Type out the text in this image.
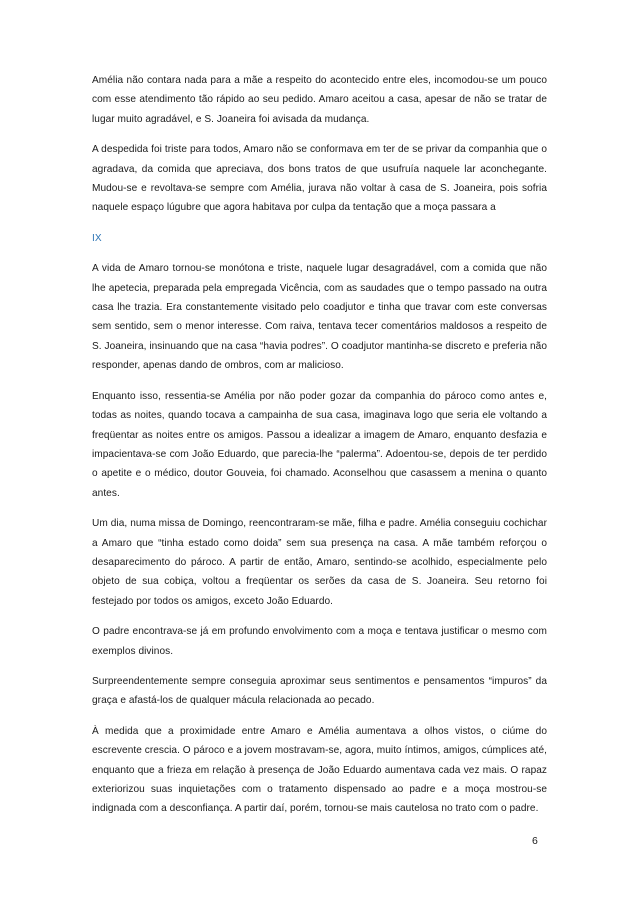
Amélia não contara nada para a mãe a respeito do acontecido entre eles, incomodou-se um pouco com esse atendimento tão rápido ao seu pedido. Amaro aceitou a casa, apesar de não se tratar de lugar muito agradável, e S. Joaneira foi avisada da mudança.

A despedida foi triste para todos, Amaro não se conformava em ter de se privar da companhia que o agradava, da comida que apreciava, dos bons tratos de que usufruía naquele lar aconchegante. Mudou-se e revoltava-se sempre com Amélia, jurava não voltar à casa de S. Joaneira, pois sofria naquele espaço lúgubre que agora habitava por culpa da tentação que a moça passara a

IX

A vida de Amaro tornou-se monótona e triste, naquele lugar desagradável, com a comida que não lhe apetecia, preparada pela empregada Vicência, com as saudades que o tempo passado na outra casa lhe trazia. Era constantemente visitado pelo coadjutor e tinha que travar com este conversas sem sentido, sem o menor interesse. Com raiva, tentava tecer comentários maldosos a respeito de S. Joaneira, insinuando que na casa “havia podres”. O coadjutor mantinha-se discreto e preferia não responder, apenas dando de ombros, com ar malicioso.

Enquanto isso, ressentia-se Amélia por não poder gozar da companhia do pároco como antes e, todas as noites, quando tocava a campainha de sua casa, imaginava logo que seria ele voltando a freqüentar as noites entre os amigos. Passou a idealizar a imagem de Amaro, enquanto desfazia e impacientava-se com João Eduardo, que parecia-lhe “palerma”. Adoentou-se, depois de ter perdido o apetite e o médico, doutor Gouveia, foi chamado. Aconselhou que casassem a menina o quanto antes.

Um dia, numa missa de Domingo, reencontraram-se mãe, filha e padre. Amélia conseguiu cochichar a Amaro que “tinha estado como doida” sem sua presença na casa. A mãe também reforçou o desaparecimento do pároco. A partir de então, Amaro, sentindo-se acolhido, especialmente pelo objeto de sua cobiça, voltou a freqüentar os serões da casa de S. Joaneira. Seu retorno foi festejado por todos os amigos, exceto João Eduardo.

O padre encontrava-se já em profundo envolvimento com a moça e tentava justificar o mesmo com exemplos divinos.

Surpreendentemente sempre conseguia aproximar seus sentimentos e pensamentos “impuros” da graça e afastá-los de qualquer mácula relacionada ao pecado.

À medida que a proximidade entre Amaro e Amélia aumentava a olhos vistos, o ciúme do escrevente crescia. O pároco e a jovem mostravam-se, agora, muito íntimos, amigos, cúmplices até, enquanto que a frieza em relação à presença de João Eduardo aumentava cada vez mais. O rapaz exteriorizou suas inquietações com o tratamento dispensado ao padre e a moça mostrou-se indignada com a desconfiança. A partir daí, porém, tornou-se mais cautelosa no trato com o padre.

6
